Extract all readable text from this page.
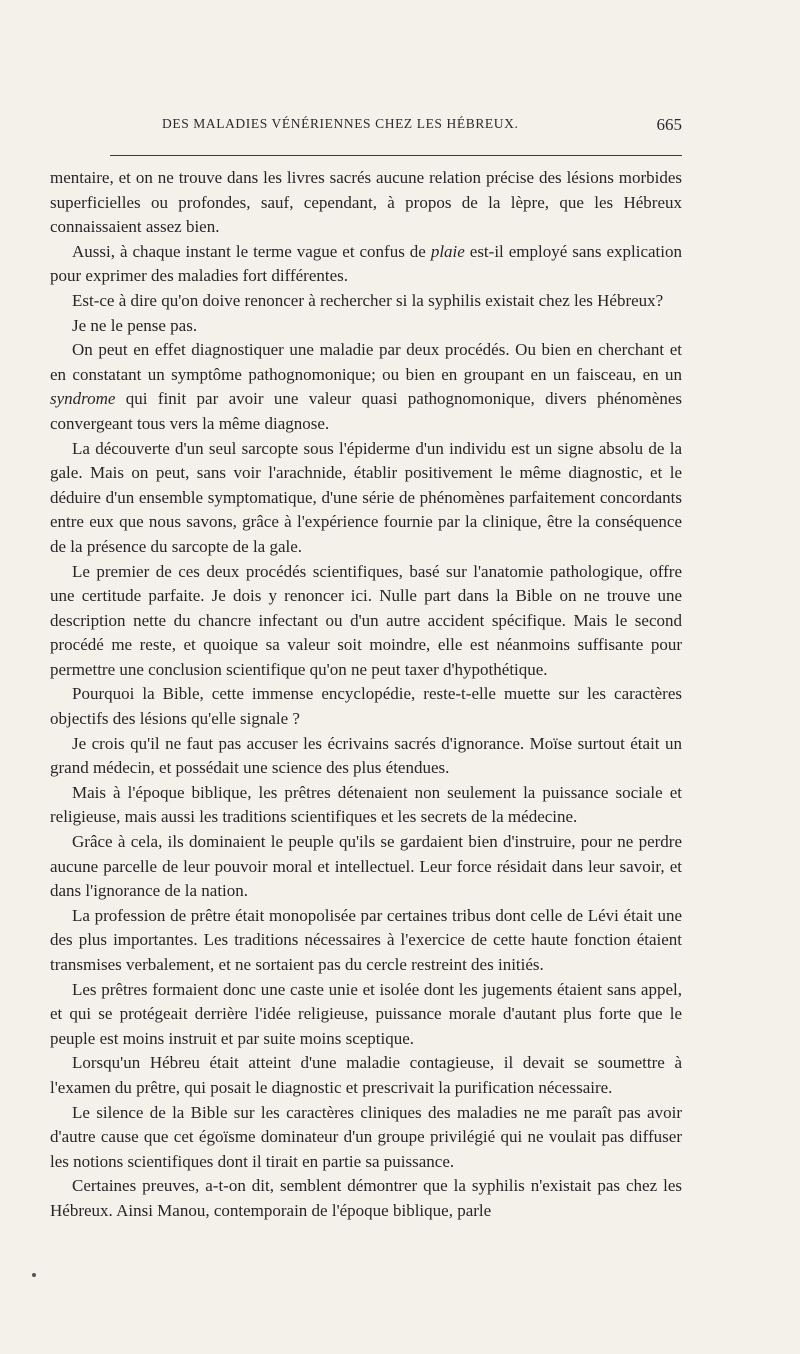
DES MALADIES VÉNÉRIENNES CHEZ LES HÉBREUX.	665

mentaire, et on ne trouve dans les livres sacrés aucune relation précise des lésions morbides superficielles ou profondes, sauf, cependant, à propos de la lèpre, que les Hébreux connaissaient assez bien.

Aussi, à chaque instant le terme vague et confus de plaie est-il employé sans explication pour exprimer des maladies fort différentes.

Est-ce à dire qu'on doive renoncer à rechercher si la syphilis existait chez les Hébreux?

Je ne le pense pas.

On peut en effet diagnostiquer une maladie par deux procédés. Ou bien en cherchant et en constatant un symptôme pathognomonique; ou bien en groupant en un faisceau, en un syndrome qui finit par avoir une valeur quasi pathognomonique, divers phénomènes convergeant tous vers la même diagnose.

La découverte d'un seul sarcopte sous l'épiderme d'un individu est un signe absolu de la gale. Mais on peut, sans voir l'arachnide, établir positivement le même diagnostic, et le déduire d'un ensemble symptomatique, d'une série de phénomènes parfaitement concordants entre eux que nous savons, grâce à l'expérience fournie par la clinique, être la conséquence de la présence du sarcopte de la gale.

Le premier de ces deux procédés scientifiques, basé sur l'anatomie pathologique, offre une certitude parfaite. Je dois y renoncer ici. Nulle part dans la Bible on ne trouve une description nette du chancre infectant ou d'un autre accident spécifique. Mais le second procédé me reste, et quoique sa valeur soit moindre, elle est néanmoins suffisante pour permettre une conclusion scientifique qu'on ne peut taxer d'hypothétique.

Pourquoi la Bible, cette immense encyclopédie, reste-t-elle muette sur les caractères objectifs des lésions qu'elle signale ?

Je crois qu'il ne faut pas accuser les écrivains sacrés d'ignorance. Moïse surtout était un grand médecin, et possédait une science des plus étendues.

Mais à l'époque biblique, les prêtres détenaient non seulement la puissance sociale et religieuse, mais aussi les traditions scientifiques et les secrets de la médecine.

Grâce à cela, ils dominaient le peuple qu'ils se gardaient bien d'instruire, pour ne perdre aucune parcelle de leur pouvoir moral et intellectuel. Leur force résidait dans leur savoir, et dans l'ignorance de la nation.

La profession de prêtre était monopolisée par certaines tribus dont celle de Lévi était une des plus importantes. Les traditions nécessaires à l'exercice de cette haute fonction étaient transmises verbalement, et ne sortaient pas du cercle restreint des initiés.

Les prêtres formaient donc une caste unie et isolée dont les jugements étaient sans appel, et qui se protégeait derrière l'idée religieuse, puissance morale d'autant plus forte que le peuple est moins instruit et par suite moins sceptique.

Lorsqu'un Hébreu était atteint d'une maladie contagieuse, il devait se soumettre à l'examen du prêtre, qui posait le diagnostic et prescrivait la purification nécessaire.

Le silence de la Bible sur les caractères cliniques des maladies ne me paraît pas avoir d'autre cause que cet égoïsme dominateur d'un groupe privilégié qui ne voulait pas diffuser les notions scientifiques dont il tirait en partie sa puissance.

Certaines preuves, a-t-on dit, semblent démontrer que la syphilis n'existait pas chez les Hébreux. Ainsi Manou, contemporain de l'époque biblique, parle
